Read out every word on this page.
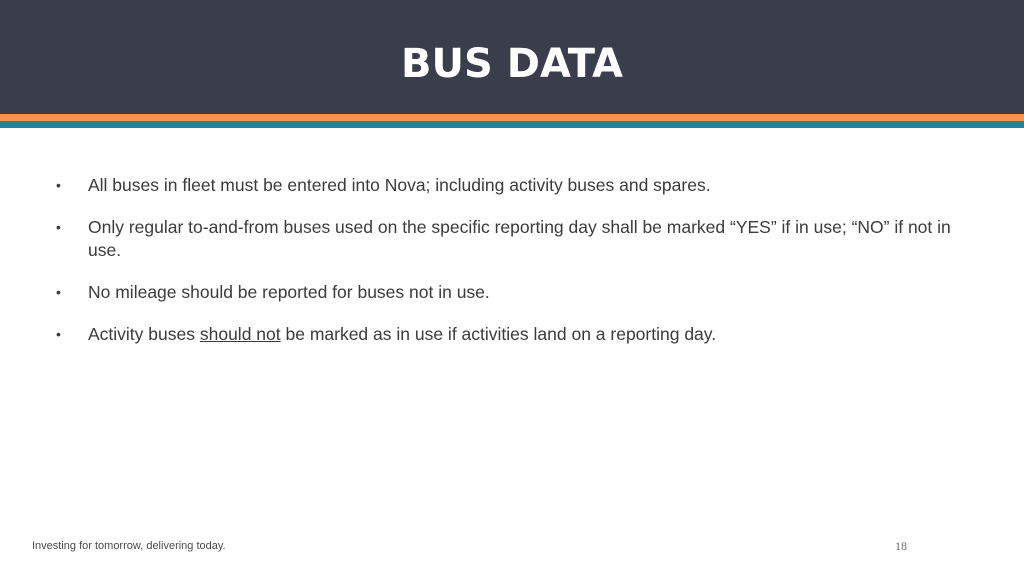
BUS DATA
•	All buses in fleet must be entered into Nova; including activity buses and spares.
•	Only regular to-and-from buses used on the specific reporting day shall be marked “YES” if in use; “NO” if not in use.
•	No mileage should be reported for buses not in use.
•	Activity buses should not be marked as in use if activities land on a reporting day.
Investing for tomorrow, delivering today.	18
